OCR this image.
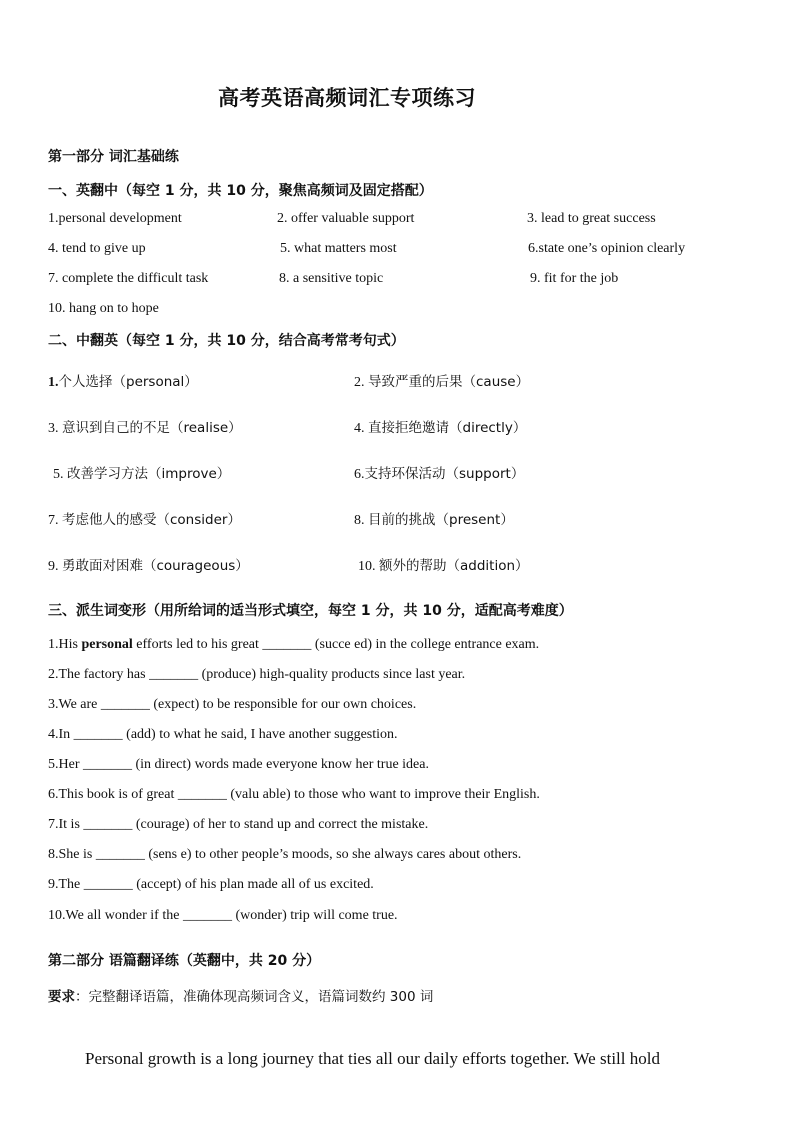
高考英语高频词汇专项练习
第一部分 词汇基础练
一、英翻中（每空 1 分，共 10 分，聚焦高频词及固定搭配）
1.personal development	2. offer valuable support	3. lead to great success
4. tend to give up	5. what matters most	6.state one’s opinion clearly
7. complete the difficult task	8. a sensitive topic	9. fit for the job
10. hang on to hope
二、中翻英（每空 1 分，共 10 分，结合高考常考句式）
1.个人选择（personal）	2. 导致严重的后果（cause）
3. 意识到自己的不足（realise）	4. 直接拒绝邀请（directly）
5. 改善学习方法（improve）	6.支持环保活动（support）
7. 考虑他人的感受（consider）	8. 目前的挑战（present）
9. 勇敢面对困难（courageous）	10. 额外的帮助（addition）
三、派生词变形（用所给词的适当形式填空，每空 1 分，共 10 分，适配高考难度）
1.His personal efforts led to his great _______ (succe ed) in the college entrance exam.
2.The factory has _______ (produce) high-quality products since last year.
3.We are _______ (expect) to be responsible for our own choices.
4.In _______ (add) to what he said, I have another suggestion.
5.Her _______ (in direct) words made everyone know her true idea.
6.This book is of great _______ (valu able) to those who want to improve their English.
7.It is _______ (courage) of her to stand up and correct the mistake.
8.She is _______ (sens e) to other people’s moods, so she always cares about others.
9.The _______ (accept) of his plan made all of us excited.
10.We all wonder if the _______ (wonder) trip will come true.
第二部分 语篇翻译练（英翻中，共 20 分）
要求：完整翻译语篇，准确体现高频词含义，语篇词数约 300 词
Personal growth is a long journey that ties all our daily efforts together. We still hold
